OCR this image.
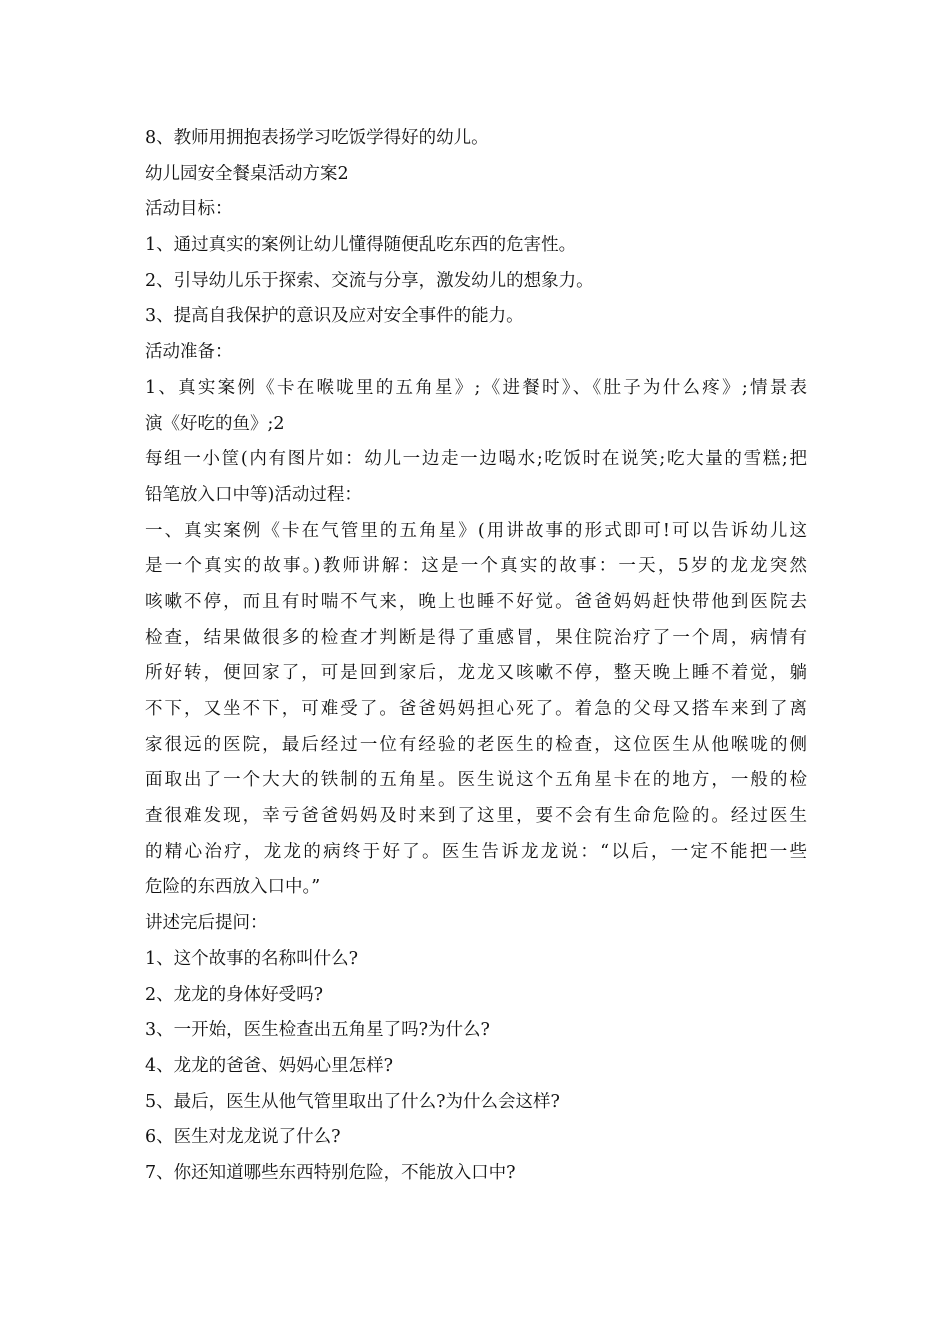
8、教师用拥抱表扬学习吃饭学得好的幼儿。
幼儿园安全餐桌活动方案2
活动目标：
1、通过真实的案例让幼儿懂得随便乱吃东西的危害性。
2、引导幼儿乐于探索、交流与分享，激发幼儿的想象力。
3、提高自我保护的意识及应对安全事件的能力。
活动准备：
1、真实案例《卡在喉咙里的五角星》;《进餐时》、《肚子为什么疼》;情景表
演《好吃的鱼》;2
每组一小筐(内有图片如：幼儿一边走一边喝水;吃饭时在说笑;吃大量的雪糕;把
铅笔放入口中等)活动过程：
一、真实案例《卡在气管里的五角星》(用讲故事的形式即可!可以告诉幼儿这
是一个真实的故事。)教师讲解：这是一个真实的故事：一天，5岁的龙龙突然
咳嗽不停，而且有时喘不气来，晚上也睡不好觉。爸爸妈妈赶快带他到医院去
检查，结果做很多的检查才判断是得了重感冒，果住院治疗了一个周，病情有
所好转，便回家了，可是回到家后，龙龙又咳嗽不停，整天晚上睡不着觉，躺
不下，又坐不下，可难受了。爸爸妈妈担心死了。着急的父母又搭车来到了离
家很远的医院，最后经过一位有经验的老医生的检查，这位医生从他喉咙的侧
面取出了一个大大的铁制的五角星。医生说这个五角星卡在的地方，一般的检
查很难发现，幸亏爸爸妈妈及时来到了这里，要不会有生命危险的。经过医生
的精心治疗，龙龙的病终于好了。医生告诉龙龙说：“以后，一定不能把一些
危险的东西放入口中。”
讲述完后提问：
1、这个故事的名称叫什么?
2、龙龙的身体好受吗?
3、一开始，医生检查出五角星了吗?为什么?
4、龙龙的爸爸、妈妈心里怎样?
5、最后，医生从他气管里取出了什么?为什么会这样?
6、医生对龙龙说了什么?
7、你还知道哪些东西特别危险，不能放入口中?
